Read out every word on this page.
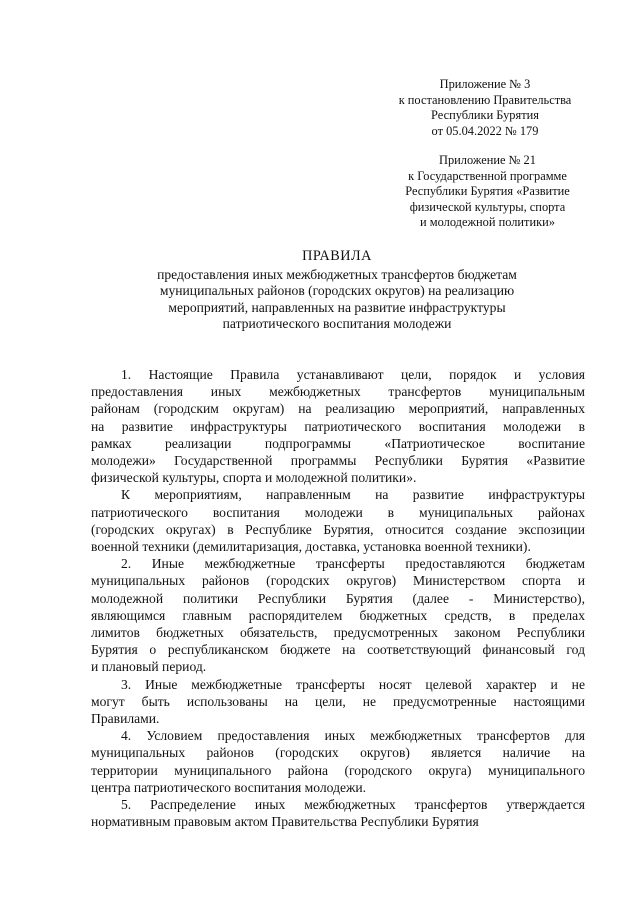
Приложение № 3
к постановлению Правительства
Республики Бурятия
от 05.04.2022 № 179
Приложение № 21
к Государственной программе
Республики Бурятия «Развитие
физической культуры, спорта
и молодежной политики»
ПРАВИЛА
предоставления иных межбюджетных трансфертов бюджетам
муниципальных районов (городских округов) на реализацию
мероприятий, направленных на развитие инфраструктуры
патриотического воспитания молодежи
1. Настоящие Правила устанавливают цели, порядок и условия
предоставления иных межбюджетных трансфертов муниципальным
районам (городским округам) на реализацию мероприятий, направленных
на развитие инфраструктуры патриотического воспитания молодежи в
рамках реализации подпрограммы «Патриотическое воспитание
молодежи» Государственной программы Республики Бурятия «Развитие
физической культуры, спорта и молодежной политики».
К мероприятиям, направленным на развитие инфраструктуры
патриотического воспитания молодежи в муниципальных районах
(городских округах) в Республике Бурятия, относится создание экспозиции
военной техники (демилитаризация, доставка, установка военной техники).
2. Иные межбюджетные трансферты предоставляются бюджетам
муниципальных районов (городских округов) Министерством спорта и
молодежной политики Республики Бурятия (далее - Министерство),
являющимся главным распорядителем бюджетных средств, в пределах
лимитов бюджетных обязательств, предусмотренных законом Республики
Бурятия о республиканском бюджете на соответствующий финансовый год
и плановый период.
3. Иные межбюджетные трансферты носят целевой характер и не
могут быть использованы на цели, не предусмотренные настоящими
Правилами.
4. Условием предоставления иных межбюджетных трансфертов для
муниципальных районов (городских округов) является наличие на
территории муниципального района (городского округа) муниципального
центра патриотического воспитания молодежи.
5. Распределение иных межбюджетных трансфертов утверждается
нормативным правовым актом Правительства Республики Бурятия
